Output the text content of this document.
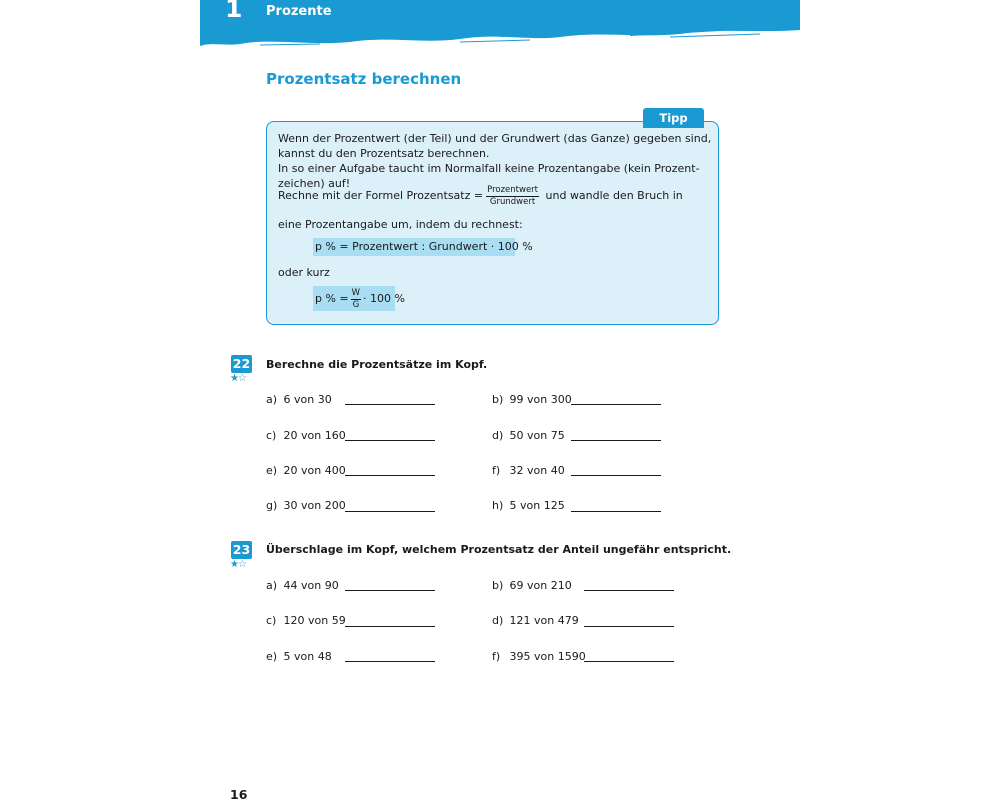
1 Prozente
Prozentsatz berechnen
Tipp
Wenn der Prozentwert (der Teil) und der Grundwert (das Ganze) gegeben sind,
kannst du den Prozentsatz berechnen.
In so einer Aufgabe taucht im Normalfall keine Prozentangabe (kein Prozent-
zeichen) auf!
Rechne mit der Formel Prozentsatz = $\frac{\text{Prozentwert}}{\text{Grundwert}}$ und wandle den Bruch in
eine Prozentangabe um, indem du rechnest:
p % = Prozentwert : Grundwert · 100 %
oder kurz
p % = $\frac{W}{G} \cdot 100$ %
22
★☆
Berechne die Prozentsätze im Kopf.
a) 6 von 30	b) 99 von 300
c) 20 von 160	d) 50 von 75
e) 20 von 400	f) 32 von 40
g) 30 von 200	h) 5 von 125
23
★☆
Überschlage im Kopf, welchem Prozentsatz der Anteil ungefähr entspricht.
a) 44 von 90	b) 69 von 210
c) 120 von 59	d) 121 von 479
e) 5 von 48	f) 395 von 1590
16
